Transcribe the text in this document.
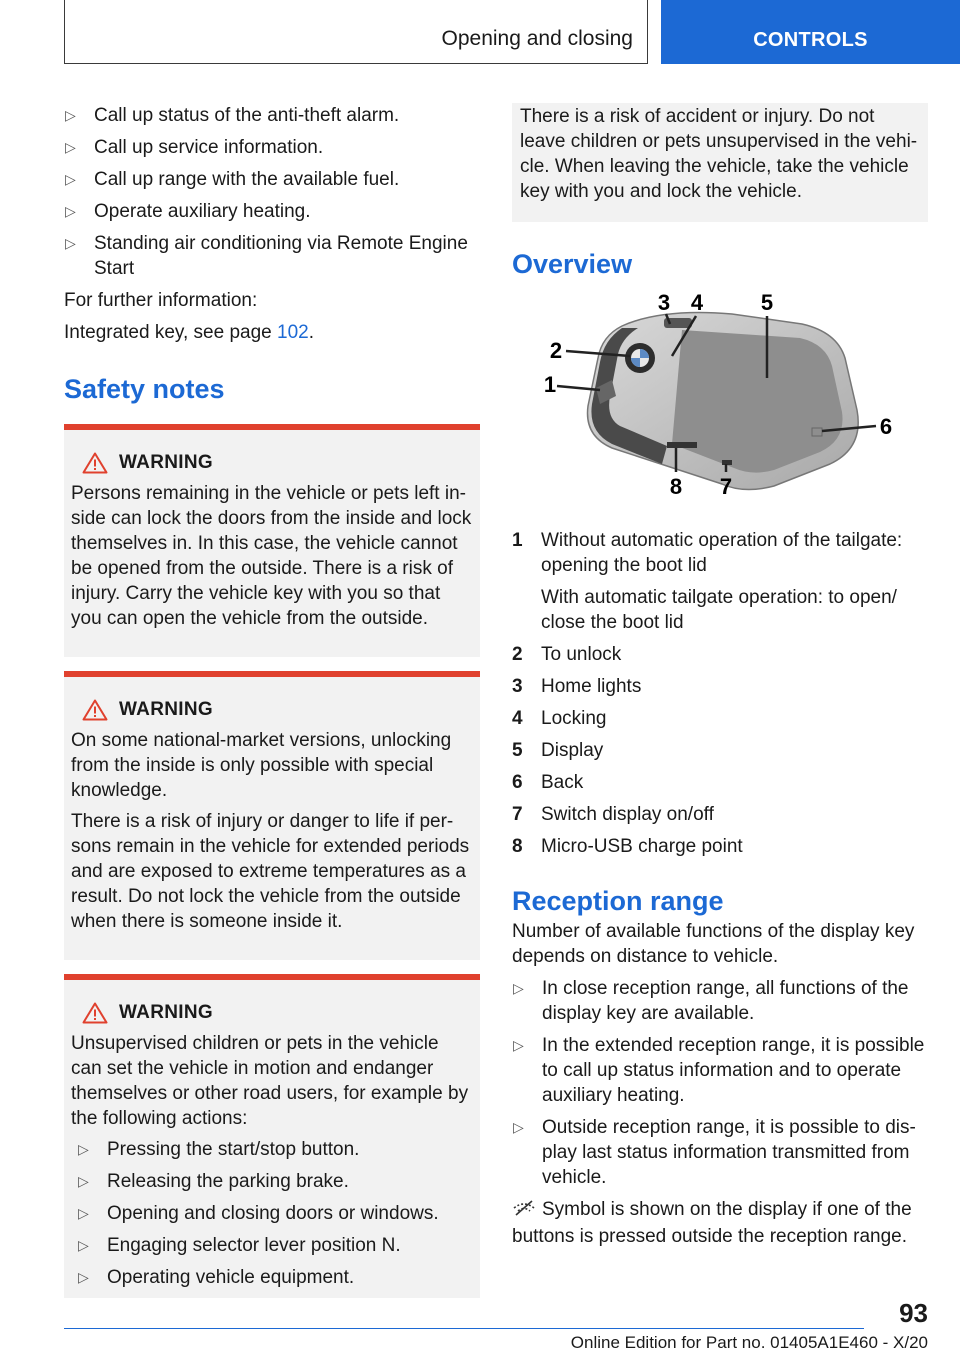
Opening and closing	CONTROLS
▷ Call up status of the anti-theft alarm.
▷ Call up service information.
▷ Call up range with the available fuel.
▷ Operate auxiliary heating.
▷ Standing air conditioning via Remote Engine Start

For further information:

Integrated key, see page 102.

Safety notes
WARNING

Persons remaining in the vehicle or pets left in-side can lock the doors from the inside and lock themselves in. In this case, the vehicle cannot be opened from the outside. There is a risk of injury. Carry the vehicle key with you so that you can open the vehicle from the outside.

WARNING

On some national-market versions, unlocking from the inside is only possible with special knowledge.

There is a risk of injury or danger to life if per-sons remain in the vehicle for extended periods and are exposed to extreme temperatures as a result. Do not lock the vehicle from the outside when there is someone inside it.

WARNING

Unsupervised children or pets in the vehicle can set the vehicle in motion and endanger themselves or other road users, for example by the following actions:

▷ Pressing the start/stop button.
▷ Releasing the parking brake.
▷ Opening and closing doors or windows.
▷ Engaging selector lever position N.
▷ Operating vehicle equipment.

There is a risk of accident or injury. Do not leave children or pets unsupervised in the vehi-cle. When leaving the vehicle, take the vehicle key with you and lock the vehicle.

Overview
1
2
3 4	5
6
7
8
1 Without automatic operation of the tailgate: opening the boot lid

With automatic tailgate operation: to open/ close the boot lid

2 To unlock

3 Home lights

4 Locking

5 Display

6 Back

7 Switch display on/off

8 Micro-USB charge point

Reception range

Number of available functions of the display key depends on distance to vehicle.

▷ In close reception range, all functions of the display key are available.
▷ In the extended reception range, it is possible to call up status information and to operate auxiliary heating.
▷ Outside reception range, it is possible to dis-play last status information transmitted from vehicle.

Symbol is shown on the display if one of the buttons is pressed outside the reception range.

93
Online Edition for Part no. 01405A1E460 - X/20
